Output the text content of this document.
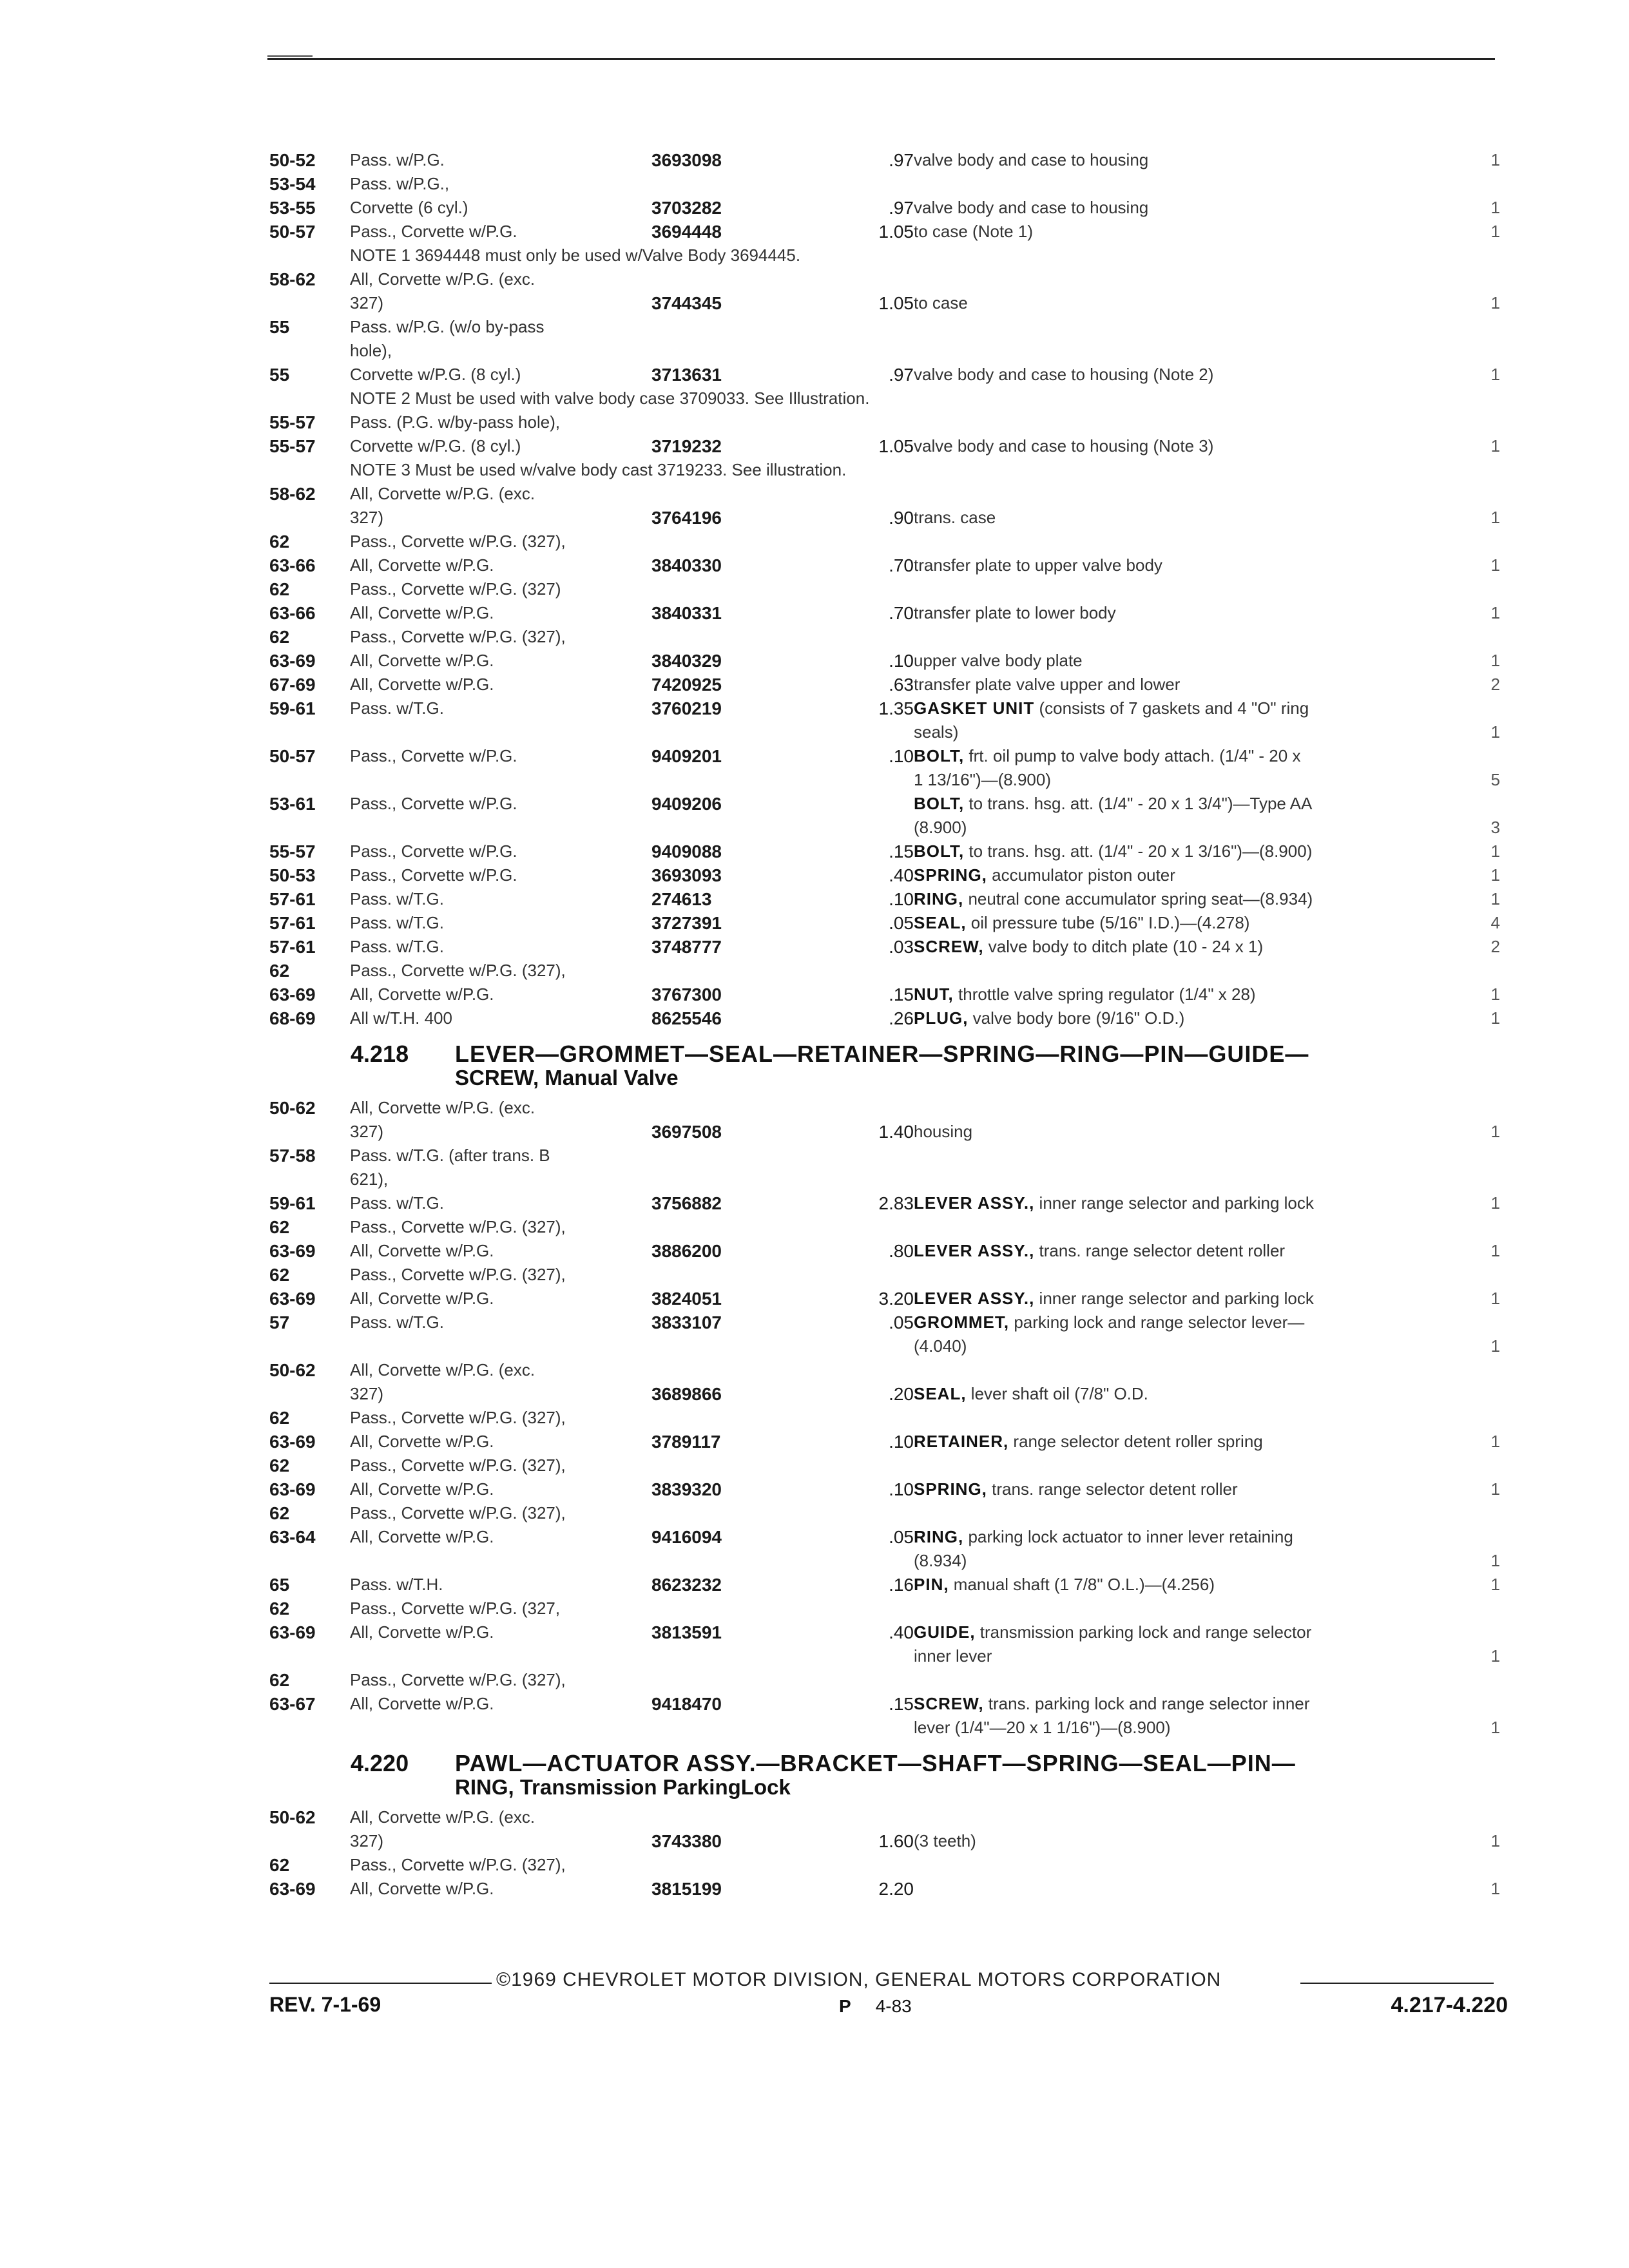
50-52 Pass. w/P.G.	3693098	.97 valve body and case to housing	1
53-54 Pass. w/P.G.,
53-55 Corvette (6 cyl.)	3703282	.97 valve body and case to housing	1
50-57 Pass., Corvette w/P.G.	3694448	1.05 to case (Note 1)	1
NOTE 1 3694448 must only be used w/Valve Body 3694445.
58-62 All, Corvette w/P.G. (exc.
327)	3744345	1.05 to case	1
55	Pass. w/P.G. (w/o by-pass
hole),
55	Corvette w/P.G. (8 cyl.)	3713631	.97 valve body and case to housing (Note 2)	1
NOTE 2 Must be used with valve body case 3709033. See Illustration.
55-57 Pass. (P.G. w/by-pass hole),
55-57 Corvette w/P.G. (8 cyl.)	3719232	1.05 valve body and case to housing (Note 3)	1
NOTE 3 Must be used w/valve body cast 3719233. See illustration.
58-62 All, Corvette w/P.G. (exc.
327)	3764196	.90 trans. case	1
62	Pass., Corvette w/P.G. (327),
63-66 All, Corvette w/P.G.	3840330	.70 transfer plate to upper valve body	1
62	Pass., Corvette w/P.G. (327)
63-66 All, Corvette w/P.G.	3840331	.70 transfer plate to lower body	1
62	Pass., Corvette w/P.G. (327),
63-69 All, Corvette w/P.G.	3840329	.10 upper valve body plate	1
67-69 All, Corvette w/P.G.	7420925	.63 transfer plate valve upper and lower	2
59-61 Pass. w/T.G.	3760219	1.35 GASKET UNIT (consists of 7 gaskets and 4 "O" ring
seals)	1
50-57 Pass., Corvette w/P.G.	9409201	.10 BOLT, frt. oil pump to valve body attach. (1/4" - 20 x
1 13/16")—(8.900)	5
53-61 Pass., Corvette w/P.G.	9409206	BOLT, to trans. hsg. att. (1/4" - 20 x 1 3/4")—Type AA
(8.900)	3
55-57 Pass., Corvette w/P.G.	9409088	.15 BOLT, to trans. hsg. att. (1/4" - 20 x 1 3/16")—(8.900)	1
50-53 Pass., Corvette w/P.G.	3693093	.40 SPRING, accumulator piston outer	1
57-61 Pass. w/T.G.	274613	.10 RING, neutral cone accumulator spring seat—(8.934)	1
57-61 Pass. w/T.G.	3727391	.05 SEAL, oil pressure tube (5/16" I.D.)—(4.278)	4
57-61 Pass. w/T.G.	3748777	.03 SCREW, valve body to ditch plate (10 - 24 x 1)	2
62	Pass., Corvette w/P.G. (327),
63-69 All, Corvette w/P.G.	3767300	.15 NUT, throttle valve spring regulator (1/4" x 28)	1
68-69 All w/T.H. 400	8625546	.26 PLUG, valve body bore (9/16" O.D.)	1
4.218 LEVER—GROMMET—SEAL—RETAINER—SPRING—RING—PIN—GUIDE—
SCREW, Manual Valve
50-62 All, Corvette w/P.G. (exc.
327)	3697508	1.40 housing	1
57-58 Pass. w/T.G. (after trans. B
621),
59-61 Pass. w/T.G.	3756882	2.83 LEVER ASSY., inner range selector and parking lock	1
62	Pass., Corvette w/P.G. (327),
63-69 All, Corvette w/P.G.	3886200	.80 LEVER ASSY., trans. range selector detent roller	1
62	Pass., Corvette w/P.G. (327),
63-69 All, Corvette w/P.G.	3824051	3.20 LEVER ASSY., inner range selector and parking lock	1
57	Pass. w/T.G.	3833107	.05 GROMMET, parking lock and range selector lever—
(4.040)	1
50-62 All, Corvette w/P.G. (exc.
327)	3689866	.20 SEAL, lever shaft oil (7/8" O.D.
62	Pass., Corvette w/P.G. (327),
63-69 All, Corvette w/P.G.	3789117	.10 RETAINER, range selector detent roller spring	1
62	Pass., Corvette w/P.G. (327),
63-69 All, Corvette w/P.G.	3839320	.10 SPRING, trans. range selector detent roller	1
62	Pass., Corvette w/P.G. (327),
63-64 All, Corvette w/P.G.	9416094	.05 RING, parking lock actuator to inner lever retaining
(8.934)	1
65	Pass. w/T.H.	8623232	.16 PIN, manual shaft (1 7/8" O.L.)—(4.256)	1
62	Pass., Corvette w/P.G. (327,
63-69 All, Corvette w/P.G.	3813591	.40 GUIDE, transmission parking lock and range selector
inner lever	1
62	Pass., Corvette w/P.G. (327),
63-67 All, Corvette w/P.G.	9418470	.15 SCREW, trans. parking lock and range selector inner
lever (1/4"—20 x 1 1/16")—(8.900)	1
4.220 PAWL—ACTUATOR ASSY.—BRACKET—SHAFT—SPRING—SEAL—PIN—
RING, Transmission ParkingLock
50-62 All, Corvette w/P.G. (exc.
327)	3743380	1.60 (3 teeth)	1
62	Pass., Corvette w/P.G. (327),
63-69 All, Corvette w/P.G.	3815199	2.20	1
©1969 CHEVROLET MOTOR DIVISION, GENERAL MOTORS CORPORATION
REV. 7-1-69	P 4-83	4.217-4.220
